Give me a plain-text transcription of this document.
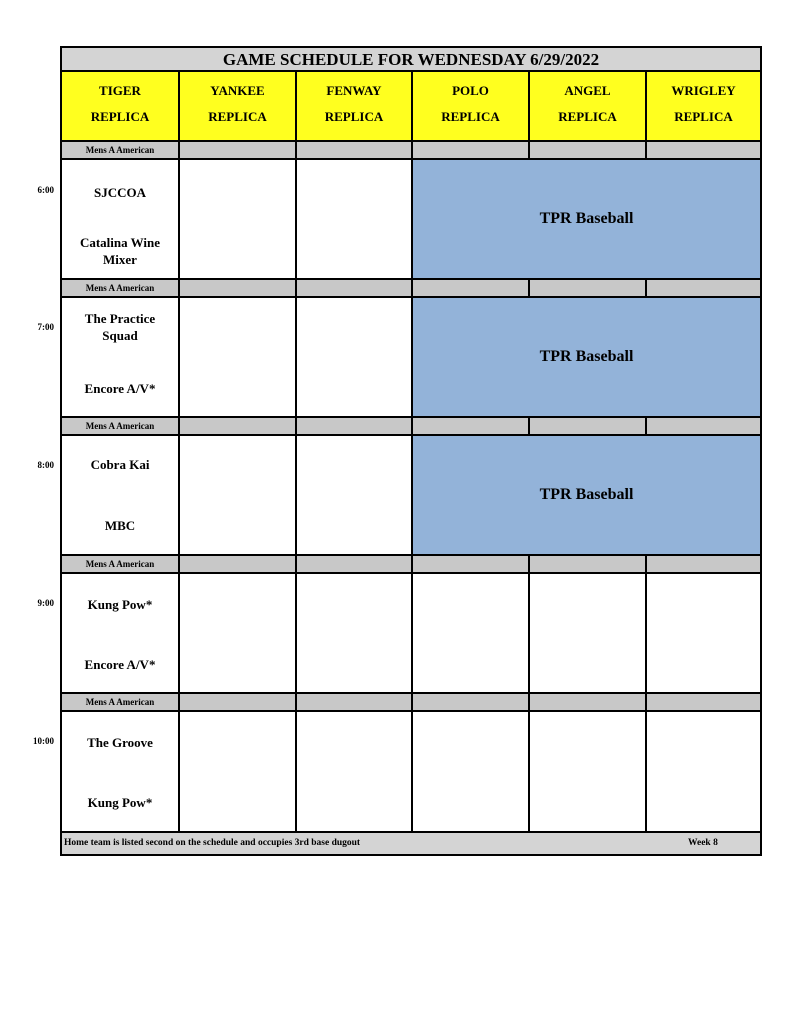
GAME SCHEDULE FOR WEDNESDAY 6/29/2022
TIGER
REPLICA
YANKEE
REPLICA
FENWAY
REPLICA
POLO
REPLICA
ANGEL
REPLICA
WRIGLEY
REPLICA
Mens A American
SJCCOA
Catalina Wine Mixer
TPR Baseball
Mens A American
The Practice Squad
Encore A/V*
TPR Baseball
Mens A American
Cobra Kai
MBC
TPR Baseball
Mens A American
Kung Pow*
Encore A/V*
Mens A American
The Groove
Kung Pow*
Home team is listed second on the schedule and occupies 3rd base dugout	Week 8
6:00
7:00
8:00
9:00
10:00
